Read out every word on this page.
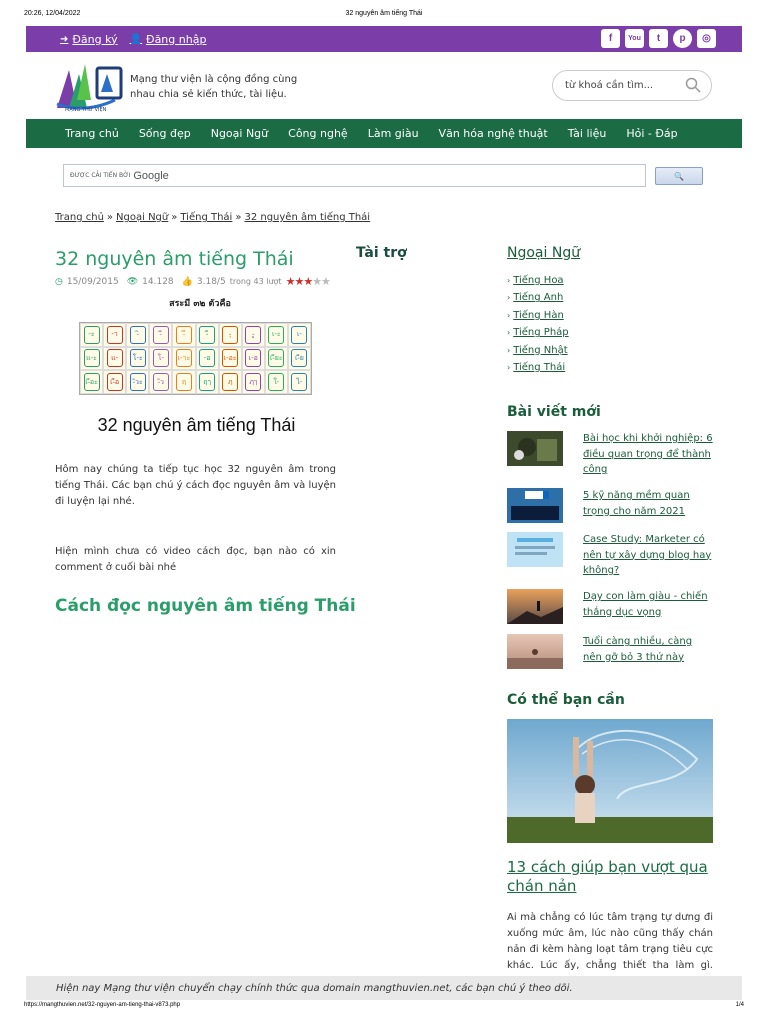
20:26, 12/04/2022	32 nguyên âm tiếng Thái
➜ Đăng ký 👤 Đăng nhập	f	You	t	p	◎
MẠNG THƯ VIỆN
Mạng thư viện là cộng đồng cùng nhau chia sẻ kiến thức, tài liệu.
từ khoá cần tìm...
Trang chủ Sống đẹp Ngoại Ngữ Công nghệ Làm giàu Văn hóa nghệ thuật Tài liệu Hỏi - Đáp
ĐƯỢC CẢI TIẾN BỞI Google	🔍
Trang chủ » Ngoại Ngữ » Tiếng Thái » 32 nguyên âm tiếng Thái
32 nguyên âm tiếng Thái
◷ 15/09/2015 👁 14.128 👍 3.18/5 trong 43 lượt ★★★★★
สระมี ๓๒ ตัวคือ
-ะ	-า	-ิ	-ี	-ึ	-ื	-ุ	-ู	เ-ะ	เ-
แ-ะ	แ-	โ-ะ	โ-	เ-าะ	-อ	เ-อะ	เ-อ	เ-ียะ	เ-ีย
เ-ือะ	เ-ือ	-ัวะ	-ัว	ฤ	ฤๅ	ฦ	ฦๅ	ใ-	ไ-
32 nguyên âm tiếng Thái

Hôm nay chúng ta tiếp tục học 32 nguyên âm trong tiếng Thái. Các bạn chú ý cách đọc nguyên âm và luyện đi luyện lại nhé.

Hiện mình chưa có video cách đọc, bạn nào có xin comment ở cuối bài nhé

Cách đọc nguyên âm tiếng Thái
Tài trợ	Ngoại Ngữ
› Tiếng Hoa
› Tiếng Anh
› Tiếng Hàn
› Tiếng Pháp
› Tiếng Nhật
› Tiếng Thái
Bài viết mới
Bài học khi khởi nghiệp: 6 điều quan trọng để thành công
5 kỹ năng mềm quan trọng cho năm 2021
Case Study: Marketer có nên tự xây dựng blog hay không?
Dạy con làm giàu - chiến thắng dục vọng
Tuổi càng nhiều, càng nên gỡ bỏ 3 thứ này
Có thể bạn cần
13 cách giúp bạn vượt qua chán nản

Ai mà chẳng có lúc tâm trạng tự dưng đi xuống mức âm, lúc nào cũng thấy chán nản đi kèm hàng loạt tâm trạng tiêu cực khác. Lúc ấy, chẳng thiết tha làm gì.

Hiện nay Mạng thư viện chuyển chạy chính thức qua domain mangthuvien.net, các bạn chú ý theo dõi.
https://mangthuvien.net/32-nguyen-am-tieng-thai-v873.php	1/4
